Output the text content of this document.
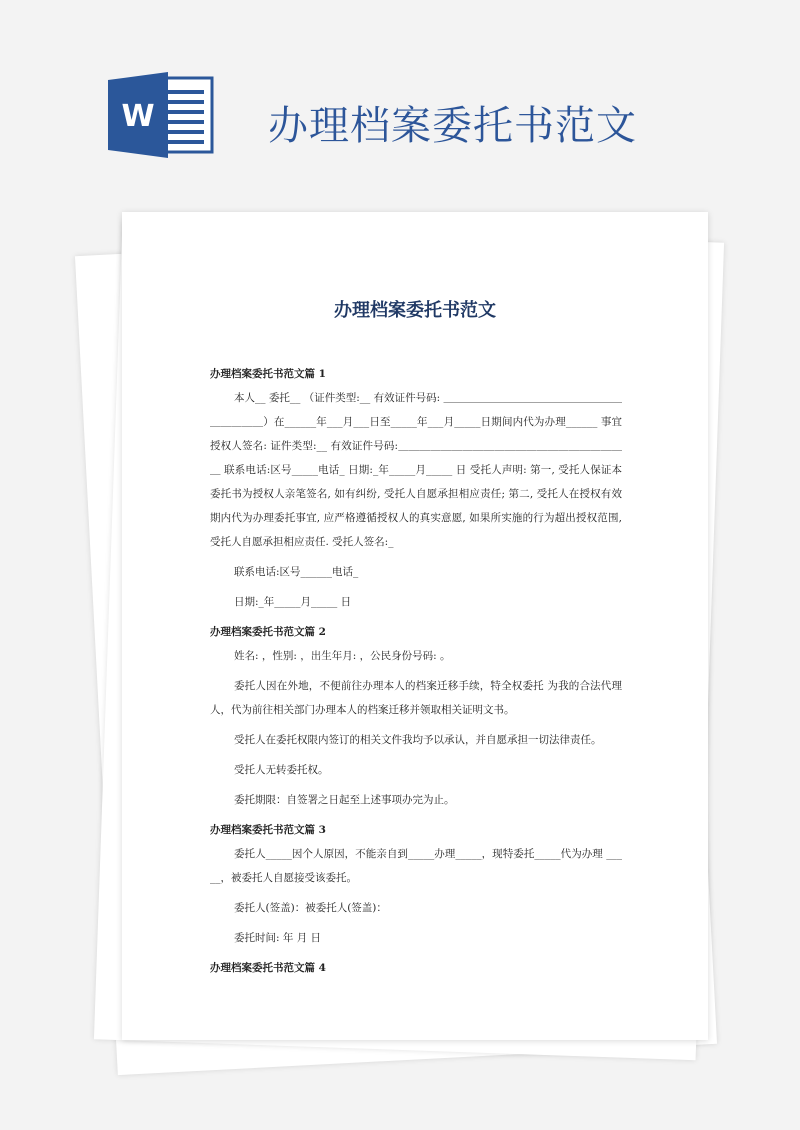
W	办理档案委托书范文
办理档案委托书范文
办理档案委托书范文篇 1

本人__ 委托__ （证件类型:__ 有效证件号码: ＿＿＿＿＿＿＿＿＿＿＿＿＿＿＿＿＿＿＿＿＿＿）在______年___月___日至_____年___月_____日期间内代为办理______ 事宜授权人签名: 证件类型:__ 有效证件号码:＿＿＿＿＿＿＿＿＿＿＿＿＿＿＿＿＿＿＿＿＿＿ 联系电话:区号_____电话_ 日期:_年_____月_____ 日 受托人声明: 第一, 受托人保证本委托书为授权人亲笔签名, 如有纠纷, 受托人自愿承担相应责任; 第二, 受托人在授权有效期内代为办理委托事宜, 应严格遵循授权人的真实意愿, 如果所实施的行为超出授权范围, 受托人自愿承担相应责任. 受托人签名:_

联系电话:区号______电话_

日期:_年_____月_____ 日

办理档案委托书范文篇 2

姓名: ，性别: ，出生年月: ，公民身份号码: 。

委托人因在外地，不便前往办理本人的档案迁移手续，特全权委托 为我的合法代理人，代为前往相关部门办理本人的档案迁移并领取相关证明文书。

受托人在委托权限内签订的相关文件我均予以承认，并自愿承担一切法律责任。

受托人无转委托权。

委托期限：自签署之日起至上述事项办完为止。

办理档案委托书范文篇 3

委托人_____因个人原因，不能亲自到_____办理_____，现特委托_____代为办理 _____，被委托人自愿接受该委托。

委托人(签盖)：被委托人(签盖)：

委托时间: 年 月 日

办理档案委托书范文篇 4
